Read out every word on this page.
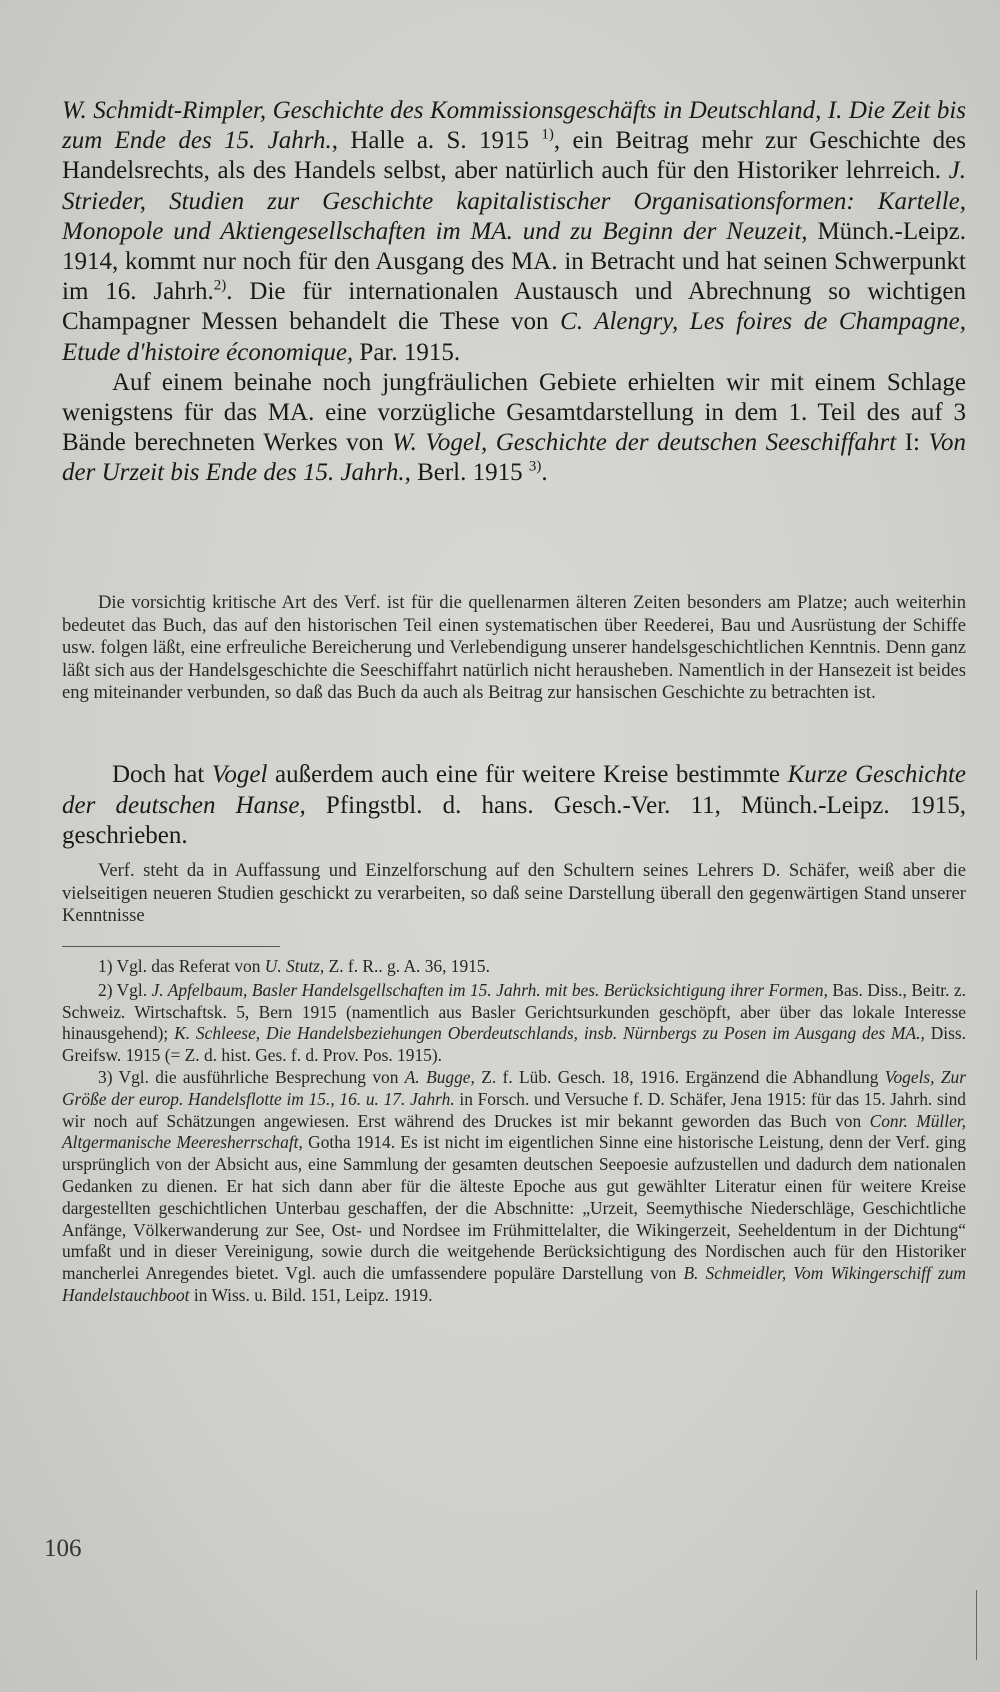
W. Schmidt-Rimpler, Geschichte des Kommissionsgeschäfts in Deutschland, I. Die Zeit bis zum Ende des 15. Jahrh., Halle a. S. 1915 $^{1)}$, ein Beitrag mehr zur Geschichte des Handelsrechts, als des Handels selbst, aber natürlich auch für den Historiker lehrreich. J. Strieder, Studien zur Geschichte kapitalistischer Organisationsformen: Kartelle, Monopole und Aktiengesellschaften im MA. und zu Beginn der Neuzeit, Münch.-Leipz. 1914, kommt nur noch für den Ausgang des MA. in Betracht und hat seinen Schwerpunkt im 16. Jahrh.$^{2)}$. Die für internationalen Austausch und Abrechnung so wichtigen Champagner Messen behandelt die These von C. Alengry, Les foires de Champagne, Etude d'histoire économique, Par. 1915.

Auf einem beinahe noch jungfräulichen Gebiete erhielten wir mit einem Schlage wenigstens für das MA. eine vorzügliche Gesamtdarstellung in dem 1. Teil des auf 3 Bände berechneten Werkes von W. Vogel, Geschichte der deutschen Seeschiffahrt I: Von der Urzeit bis Ende des 15. Jahrh., Berl. 1915 $^{3)}$.

Die vorsichtig kritische Art des Verf. ist für die quellenarmen älteren Zeiten besonders am Platze; auch weiterhin bedeutet das Buch, das auf den historischen Teil einen systematischen über Reederei, Bau und Ausrüstung der Schiffe usw. folgen läßt, eine erfreuliche Bereicherung und Verlebendigung unserer handelsgeschichtlichen Kenntnis. Denn ganz läßt sich aus der Handelsgeschichte die Seeschiffahrt natürlich nicht herausheben. Namentlich in der Hansezeit ist beides eng miteinander verbunden, so daß das Buch da auch als Beitrag zur hansischen Geschichte zu betrachten ist.

Doch hat Vogel außerdem auch eine für weitere Kreise bestimmte Kurze Geschichte der deutschen Hanse, Pfingstbl. d. hans. Gesch.-Ver. 11, Münch.-Leipz. 1915, geschrieben.

Verf. steht da in Auffassung und Einzelforschung auf den Schultern seines Lehrers D. Schäfer, weiß aber die vielseitigen neueren Studien geschickt zu verarbeiten, so daß seine Darstellung überall den gegenwärtigen Stand unserer Kenntnisse

1) Vgl. das Referat von U. Stutz, Z. f. R.. g. A. 36, 1915.

2) Vgl. J. Apfelbaum, Basler Handelsgellschaften im 15. Jahrh. mit bes. Berücksichtigung ihrer Formen, Bas. Diss., Beitr. z. Schweiz. Wirtschaftsk. 5, Bern 1915 (namentlich aus Basler Gerichtsurkunden geschöpft, aber über das lokale Interesse hinausgehend); K. Schleese, Die Handelsbeziehungen Oberdeutschlands, insb. Nürnbergs zu Posen im Ausgang des MA., Diss. Greifsw. 1915 (= Z. d. hist. Ges. f. d. Prov. Pos. 1915).

3) Vgl. die ausführliche Besprechung von A. Bugge, Z. f. Lüb. Gesch. 18, 1916. Ergänzend die Abhandlung Vogels, Zur Größe der europ. Handelsflotte im 15., 16. u. 17. Jahrh. in Forsch. und Versuche f. D. Schäfer, Jena 1915: für das 15. Jahrh. sind wir noch auf Schätzungen angewiesen. Erst während des Druckes ist mir bekannt geworden das Buch von Conr. Müller, Altgermanische Meeresherrschaft, Gotha 1914. Es ist nicht im eigentlichen Sinne eine historische Leistung, denn der Verf. ging ursprünglich von der Absicht aus, eine Sammlung der gesamten deutschen Seepoesie aufzustellen und dadurch dem nationalen Gedanken zu dienen. Er hat sich dann aber für die älteste Epoche aus gut gewählter Literatur einen für weitere Kreise dargestellten geschichtlichen Unterbau geschaffen, der die Abschnitte: „Urzeit, Seemythische Niederschläge, Geschichtliche Anfänge, Völkerwanderung zur See, Ost- und Nordsee im Frühmittelalter, die Wikingerzeit, Seeheldentum in der Dichtung“ umfaßt und in dieser Vereinigung, sowie durch die weitgehende Berücksichtigung des Nordischen auch für den Historiker mancherlei Anregendes bietet. Vgl. auch die umfassendere populäre Darstellung von B. Schmeidler, Vom Wikingerschiff zum Handelstauchboot in Wiss. u. Bild. 151, Leipz. 1919.

106
